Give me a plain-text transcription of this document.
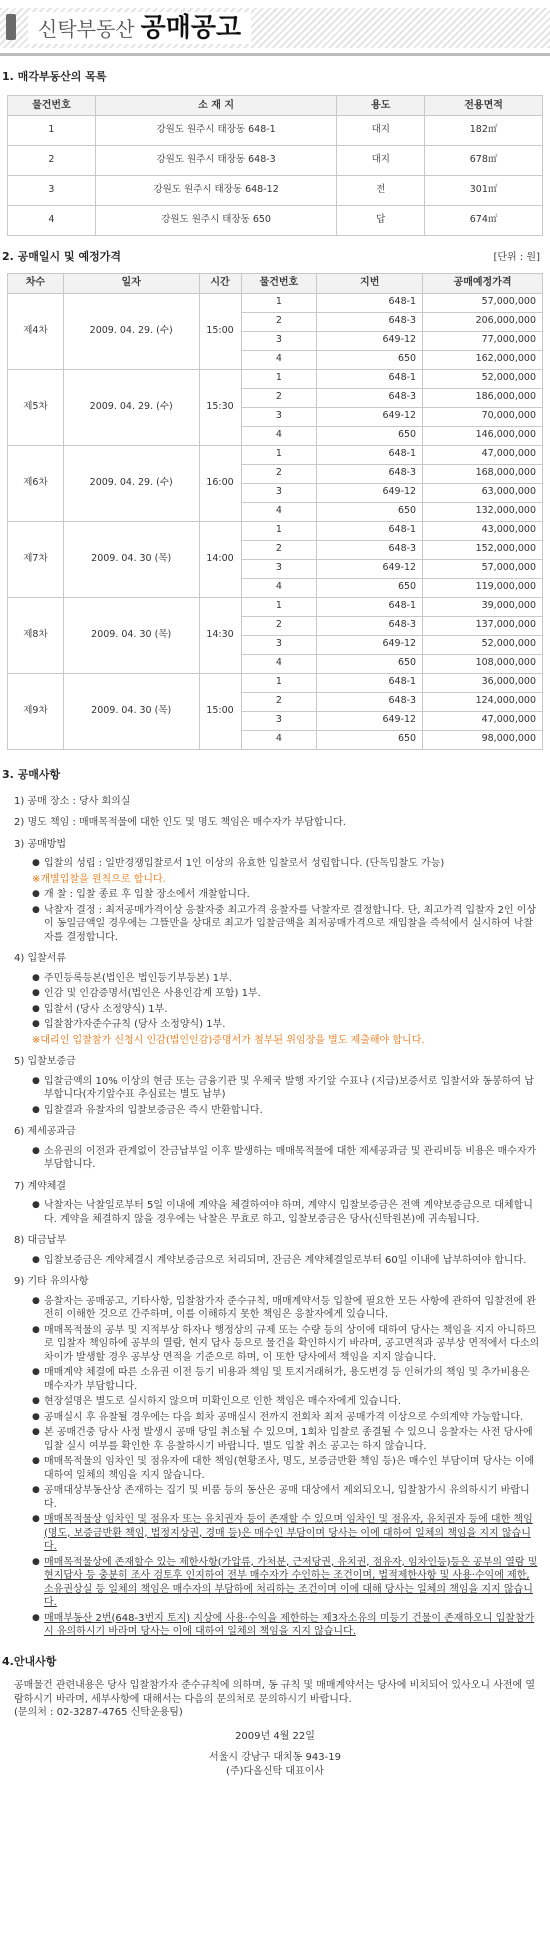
신탁부동산 공매공고
1. 매각부동산의 목록
물건번호	소 재 지	용도	전용면적
1	강원도 원주시 태장동 648-1	대지	182㎡
2	강원도 원주시 태장동 648-3	대지	678㎡
3	강원도 원주시 태장동 648-12	전	301㎡
4	강원도 원주시 태장동 650	답	674㎡
2. 공매일시 및 예정가격	[단위 : 원]
차수	일자	시간	물건번호	지번	공매예정가격
제4차	2009. 04. 29. (수)	15:00	1	648-1	57,000,000
			2	648-3	206,000,000
			3	649-12	77,000,000
			4	650	162,000,000
제5차	2009. 04. 29. (수)	15:30	1	648-1	52,000,000
			2	648-3	186,000,000
			3	649-12	70,000,000
			4	650	146,000,000
제6차	2009. 04. 29. (수)	16:00	1	648-1	47,000,000
			2	648-3	168,000,000
			3	649-12	63,000,000
			4	650	132,000,000
제7차	2009. 04. 30 (목)	14:00	1	648-1	43,000,000
			2	648-3	152,000,000
			3	649-12	57,000,000
			4	650	119,000,000
제8차	2009. 04. 30 (목)	14:30	1	648-1	39,000,000
			2	648-3	137,000,000
			3	649-12	52,000,000
			4	650	108,000,000
제9차	2009. 04. 30 (목)	15:00	1	648-1	36,000,000
			2	648-3	124,000,000
			3	649-12	47,000,000
			4	650	98,000,000
3. 공매사항
1) 공매 장소 : 당사 회의실
2) 명도 책임 : 매매목적물에 대한 인도 및 명도 책임은 매수자가 부담합니다.
3) 공매방법
● 입찰의 성립 : 일반경쟁입찰로서 1인 이상의 유효한 입찰로서 성립합니다. (단독입찰도 가능)
※개별입찰을 원칙으로 합니다.
● 개 찰 : 입찰 종료 후 입찰 장소에서 개찰합니다.
● 낙찰자 결정 : 최저공매가격이상 응찰자중 최고가격 응찰자를 낙찰자로 결정합니다. 단, 최고가격 입찰자 2인 이상이 동일금액일 경우에는 그뜰만을 상대로 최고가 입찰금액을 최저공매가격으로 재입찰을 즉석에서 실시하여 낙찰자를 결정합니다.
4) 입찰서류
● 주민등록등본(법인은 법인등기부등본) 1부.
● 인감 및 인감증명서(법인은 사용인감계 포함) 1부.
● 입찰서 (당사 소정양식) 1부.
● 입찰참가자준수규칙 (당사 소정양식) 1부.
※대리인 입찰참가 신청시 인감(법인인감)증명서가 첨부된 위임장을 별도 제출해야 합니다.
5) 입찰보증금
● 입찰금액의 10% 이상의 현금 또는 금융기관 및 우체국 발행 자기앞 수표나 (지급)보증서로 입찰서와 동봉하여 납부합니다(자기앞수표 추심료는 별도 납부)
● 입찰결과 유찰자의 입찰보증금은 즉시 반환합니다.
6) 제세공과금
● 소유권의 이전과 관계없이 잔금납부일 이후 발생하는 매매목적물에 대한 제세공과금 및 관리비등 비용은 매수자가 부담합니다.
7) 계약체결
● 낙찰자는 낙찰일로부터 5일 이내에 계약을 체결하여야 하며, 계약시 입찰보증금은 전액 계약보증금으로 대체합니다. 계약을 체결하지 않을 경우에는 낙찰은 무효로 하고, 입찰보증금은 당사(신탁원본)에 귀속됩니다.
8) 대금납부
● 입찰보증금은 계약체결시 계약보증금으로 처리되며, 잔금은 계약체결일로부터 60일 이내에 납부하여야 합니다.
9) 기타 유의사항
● 응찰자는 공매공고, 기타사항, 입찰참가자 준수규칙, 매매계약서등 입찰에 필요한 모든 사항에 관하여 입찰전에 완전히 이해한 것으로 간주하며, 이를 이해하지 못한 책임은 응찰자에게 있습니다.
● 매매목적물의 공부 및 지적부상 하자나 행정상의 규제 또는 수량 등의 상이에 대하여 당사는 책임을 지지 아니하므로 입찰자 책임하에 공부의 열람, 현지 답사 등으로 물건을 확인하시기 바라며, 공고면적과 공부상 면적에서 다소의 차이가 발생할 경우 공부상 면적을 기준으로 하며, 이 또한 당사에서 책임을 지지 않습니다.
● 매매계약 체결에 따른 소유권 이전 등기 비용과 책임 및 토지거래허가, 용도변경 등 인허가의 책임 및 추가비용은 매수자가 부담합니다.
● 현장설명은 별도로 실시하지 않으며 미확인으로 인한 책임은 매수자에게 있습니다.
● 공매실시 후 유찰될 경우에는 다음 회차 공매실시 전까지 전회차 최저 공매가격 이상으로 수의계약 가능합니다.
● 본 공매건중 당사 사정 발생시 공매 당일 취소될 수 있으며, 1회차 입찰로 종결될 수 있으니 응찰자는 사전 당사에 입찰 실시 여부를 확인한 후 응찰하시기 바랍니다. 별도 입찰 취소 공고는 하지 않습니다.
● 매매목적물의 임차인 및 점유자에 대한 책임(현황조사, 명도, 보증금반환 책임 등)은 매수인 부담이며 당사는 이에 대하여 일체의 책임을 지지 않습니다.
● 공매대상부동산상 존재하는 집기 및 비품 등의 동산은 공매 대상에서 제외되오니, 입찰참가시 유의하시기 바랍니다.
● 매매목적물상 임차인 및 점유자 또는 유치권자 등이 존재할 수 있으며 임차인 및 점유자, 유치권자 등에 대한 책임(명도, 보증금반환 책임, 법정지상권, 경매 등)은 매수인 부담이며 당사는 이에 대하여 일체의 책임을 지지 않습니다.
● 매매목적물상에 존재할수 있는 제한사항(가압류, 가처분, 근저당권, 유치권, 점유자, 임차인등)등은 공부의 열람 및 현지답사 등 충분히 조사 검토후 인지하여 전부 매수자가 수인하는 조건이며, 법적제한사항 및 사용·수익에 제한, 소유권상실 등 일체의 책임은 매수자의 부담하에 처리하는 조건이며 이에 대해 당사는 일체의 책임을 지지 않습니다.
● 매매부동산 2번(648-3번지 토지) 지상에 사용·수익을 제한하는 제3자소유의 미등기 건물이 존재하오니 입찰참가시 유의하시기 바라며 당사는 이에 대하여 일체의 책임을 지지 않습니다.
4.안내사항
공매물건 관련내용은 당사 입찰참가자 준수규칙에 의하며, 동 규칙 및 매매계약서는 당사에 비치되어 있사오니 사전에 열람하시기 바라며, 세부사항에 대해서는 다음의 문의처로 문의하시기 바랍니다.
(문의처 : 02-3287-4765 신탁운용팀)
2009년 4월 22일
서울시 강남구 대치동 943-19
(주)다올신탁 대표이사
